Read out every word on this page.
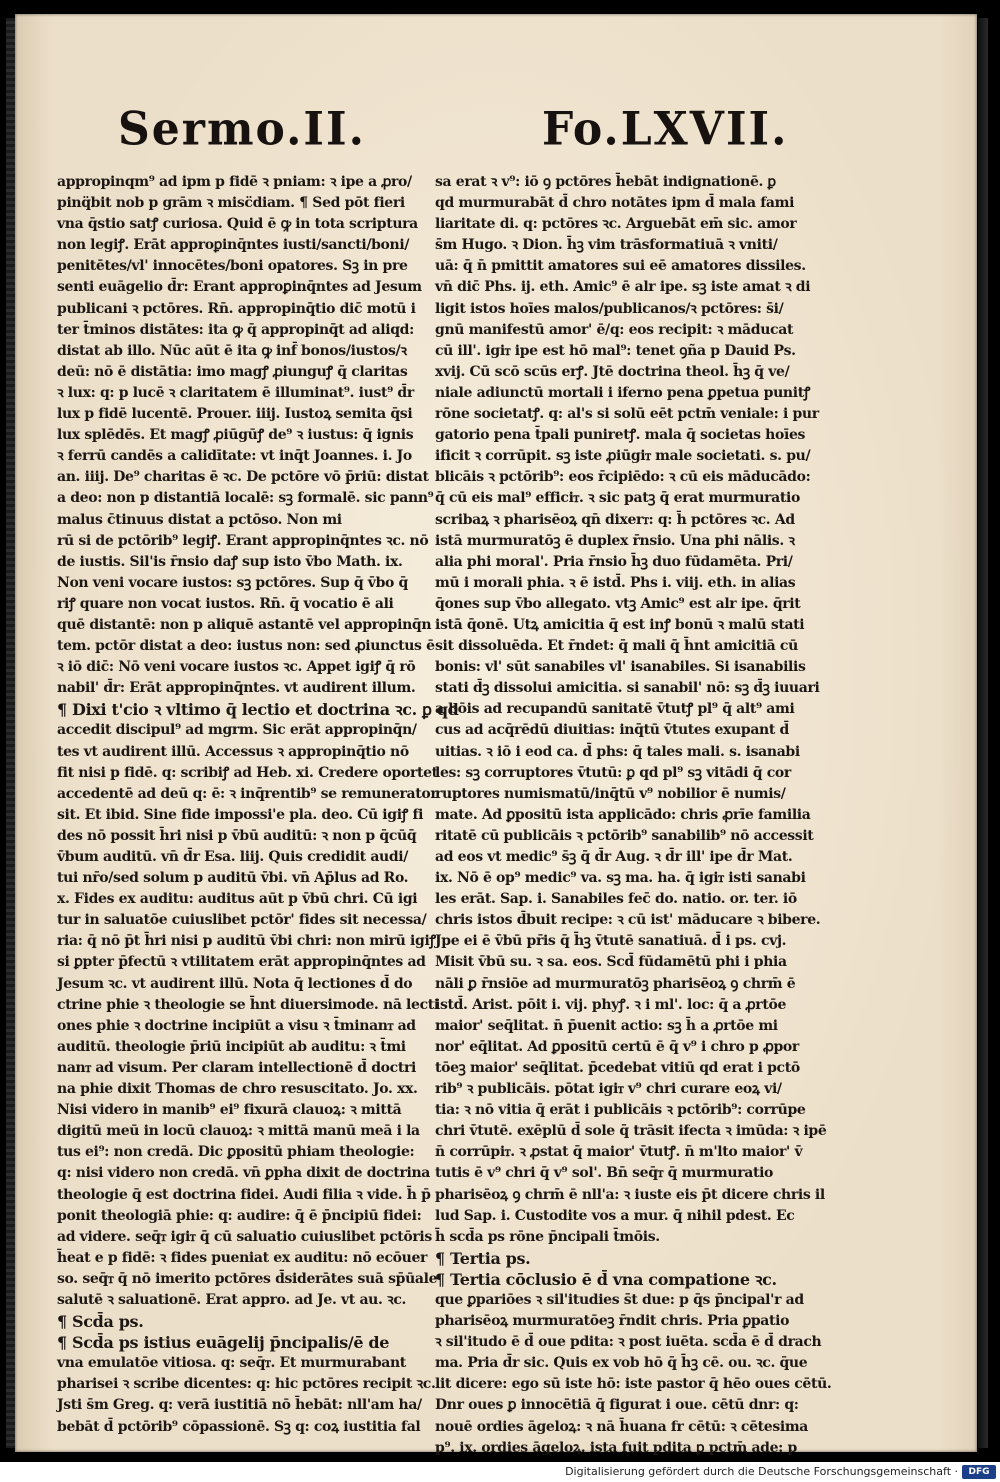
Sermo.II.	Fo.LXVII.
appropinqm⁹ ad ipm p fidē ꝛ pniam: ꝛ ipe a ꝓro/
pinq̈bit nob p grām ꝛ misc̈diam. ¶ Sed pōt fieri
vna q̄stio satꝭ curiosa. Quid ē ꝙ in tota scriptura
non legiꝭ. Erāt approꝑinq̄ntes iusti/sancti/boni/
penitētes/vl' innocētes/boni opatores. Sꝫ in pre
senti euāgelio d̄r: Erant approꝑinq̄ntes ad Jesum
publicani ꝛ pctōres. Rn̄. appropinq̄tio dic̄ motū i
ter t̄minos distātes: ita ꝙ q̄ appropinq̄t ad aliqd:
distat ab illo. Nūc aūt ē ita ꝙ inf̄ bonos/iustos/ꝛ
deū: nō ē distātia: imo magꝭ ꝓiunguꝭ q̄ claritas
ꝛ lux: q: p lucē ꝛ claritatem ē illuminat⁹. iust⁹ d̄r
lux p fidē lucentē. Prouer. iiij. Iustoꝝ semita q̄si
lux splēdēs. Et magꝭ ꝓiūgūꝭ de⁹ ꝛ iustus: q̄ ignis
ꝛ ferrū candēs a calidītate: vt inq̄t Joannes. i. Jo
an. iiij. De⁹ charitas ē ꝛc. De pctōre vō p̄riū: distat
a deo: non p distantiā localē: sꝫ formalē. sic pann⁹
malus c̄tinuus distat a pctōso. Non mi
rū si de pctōrib⁹ legiꝭ. Erant appropinq̄ntes ꝛc. nō
de iustis. Sil'is r̄nsio daꝭ sup isto v̄bo Math. ix.
Non veni vocare iustos: sꝫ pctōres. Sup q̄ v̄bo q̄
riꝭ quare non vocat iustos. Rn̄. q̄ vocatio ē ali
quē distantē: non p aliquē astantē vel appropinq̄n
tem. pctōr distat a deo: iustus non: sed ꝓiunctus ē
ꝛ iō dic̄: Nō veni vocare iustos ꝛc. Appet igiꝭ q̄ rō
nabil' d̄r: Erāt appropinq̄ntes. vt audirent illum.
¶ Dixi t'cio ꝛ vltimo q̄ lectio et doctrina ꝛc. ꝑ qd
accedit discipul⁹ ad mgrm. Sic erāt appropinq̄n/
tes vt audirent illū. Accessus ꝛ appropinq̄tio nō
fit nisi p fidē. q: scribiꝭ ad Heb. xi. Credere oportet
accedentē ad deū q: ē: ꝛ inq̄rentib⁹ se remunerator
sit. Et ibid. Sine fide impossi'e pla. deo. Cū igiꝭ fi
des nō possit h̄ri nisi p v̄bū auditū: ꝛ non p q̄cūq̄
v̄bum auditū. vn̄ d̄r Esa. liij. Quis credidit audi/
tui nr̄o/sed solum p auditū v̄bi. vn̄ Ap̄lus ad Ro.
x. Fides ex auditu: auditus aūt p v̄bū chri. Cū igi
tur in saluatōe cuiuslibet pctōr' fides sit necessa/
ria: q̄ nō p̄t h̄ri nisi p auditū v̄bi chri: non mirū igiꝭ
si ꝑpter p̄fectū ꝛ vtilitatem erāt appropinq̄ntes ad
Jesum ꝛc. vt audirent illū. Nota q̄ lectiones d̄ do
ctrine phie ꝛ theologie se h̄nt diuersimode. nā lecti
ones phie ꝛ doctrine incipiūt a visu ꝛ t̄minanꭲ ad
auditū. theologie p̄riū incipiūt ab auditu: ꝛ t̄mi
nanꭲ ad visum. Per claram intellectionē d̄ doctri
na phie dixit Thomas de chro resuscitato. Jo. xx.
Nisi videro in manib⁹ ei⁹ fixurā clauoꝝ: ꝛ mittā
digitū meū in locū clauoꝝ: ꝛ mittā manū meā i la
tus ei⁹: non credā. Dic ꝑpositū phiam theologie:
q: nisi videro non credā. vn̄ ꝑpha dixit de doctrina
theologie q̄ est doctrina fidei. Audi filia ꝛ vide. h̄ p̄
ponit theologiā phie: q: audire: q̄ ē p̄ncipiū fidei:
ad videre. seq̄ꭲ igiꭲ q̄ cū saluatio cuiuslibet pctōris
h̄eat e p fidē: ꝛ fides pueniat ex auditu: nō ecōuer
so. seq̄ꭲ q̄ nō imerito pctōres d̄siderātes suā sp̄ūale
salutē ꝛ saluationē. Erat appro. ad Je. vt au. ꝛc.
¶ Scd̄a ps.
¶ Scd̄a ps istius euāgelij p̄ncipalis/ē de
vna emulatōe vitiosa. q: seq̄ꭲ. Et murmurabant
pharisei ꝛ scribe dicentes: q: hic pctōres recipit ꝛc.
Jsti s̄m Greg. q: verā iustitiā nō h̄ebāt: nll'am ha/
bebāt d̄ pctōrib⁹ cōpassionē. Sꝫ q: coꝝ iustitia fal
sa erat ꝛ v⁹: iō ꝯ pctōres h̄ebāt indignationē. ꝑ
qd murmurabāt d̄ chro notātes ipm d̄ mala fami
liaritate di. q: pctōres ꝛc. Arguebāt em̄ sic. amor
s̄m Hugo. ꝛ Dion. h̄ꝫ vim trāsformatiuā ꝛ vniti/
uā: q̄ n̄ pmittit amatores sui eē amatores dissiles.
vn̄ dic̄ Phs. ij. eth. Amic⁹ ē alr ipe. sꝫ iste amat ꝛ di
ligit istos hoīes malos/publicanos/ꝛ pctōres: s̄i/
gnū manifestū amor' ē/q: eos recipit: ꝛ māducat
cū ill'. igiꭲ ipe est hō mal⁹: tenet ꝯña p Dauid Ps.
xvij. Cū scō scūs erꝭ. Jtē doctrina theol. h̄ꝫ q̄ ve/
niale adiunctū mortali i iferno pena ꝑpetua punitꝭ
rōne societatꝭ. q: al's si solū eēt pctm̄ veniale: i pur
gatorio pena t̄pali puniretꝭ. mala q̄ societas hoīes
ificit ꝛ corrūpit. sꝫ iste ꝓiūgiꭲ male societati. s. pu/
blicāis ꝛ pctōrib⁹: eos r̄cipiēdo: ꝛ cū eis māducādo:
q̄ cū eis mal⁹ efficiꭲ. ꝛ sic patꝫ q̄ erat murmuratio
scribaꝝ ꝛ pharisēoꝝ qn̄ dixerꭲ: q: h̄ pctōres ꝛc. Ad
istā murmuratōꝫ ē duplex r̄nsio. Una phi nālis. ꝛ
alia phi moral'. Pria r̄nsio h̄ꝫ duo fūdamēta. Pri/
mū i morali phia. ꝛ ē istd̄. Phs i. viij. eth. in alias
q̄ones sup v̄bo allegato. vtꝫ Amic⁹ est alr ipe. q̄rit
istā q̄onē. Utꝝ amicitia q̄ est inꝭ bonū ꝛ malū stati
sit dissoluēda. Et r̄ndet: q̄ mali q̄ h̄nt amicitiā cū
bonis: vl' sūt sanabiles vl' isanabiles. Si isanabilis
stati d̄ꝫ dissolui amicitia. si sanabil' nō: sꝫ d̄ꝫ iuuari
a bōis ad recupandū sanitatē v̄tutꝭ pl⁹ q̄ alt⁹ ami
cus ad acq̄rēdū diuitias: inq̄tū v̄tutes exupant d̄
uitias. ꝛ iō i eod ca. d̄ phs: q̄ tales mali. s. isanabi
les: sꝫ corruptores v̄tutū: ꝑ qd pl⁹ sꝫ vitādi q̄ cor
ruptores numismatū/inq̄tū v⁹ nobilior ē numis/
mate. Ad ꝑpositū ista applicādo: chris ꝓrīe familia
ritatē cū publicāis ꝛ pctōrib⁹ sanabilib⁹ nō accessit
ad eos vt medic⁹ s̄ꝫ q̄ d̄r Aug. ꝛ d̄r ill' ipe d̄r Mat.
ix. Nō ē op⁹ medic⁹ va. sꝫ ma. ha. q̄ igiꭲ isti sanabi
les erāt. Sap. i. Sanabiles fec̄ do. natio. or. ter. iō
chris istos d̄buit recipe: ꝛ cū ist' māducare ꝛ bibere.
Jpe ei ē v̄bū pr̄is q̄ h̄ꝫ v̄tutē sanatiuā. d̄ i ps. cvj.
Misit v̄bū su. ꝛ sa. eos. Scd̄ fūdamētū phi i phia
nāli ꝑ r̄nsiōe ad murmuratōꝫ pharisēoꝝ ꝯ chrm̄ ē
istd̄. Arist. pōit i. vij. phyꝭ. ꝛ i ml'. loc: q̄ a ꝓrtōe
maior' seq̄litat. n̄ p̄uenit actio: sꝫ h̄ a ꝓrtōe mi
nor' eq̄litat. Ad ꝑpositū certū ē q̄ v⁹ i chro p ꝓpor
tōeꝫ maior' seq̄litat. p̄cedebat vitiū qd erat i pctō
rib⁹ ꝛ publicāis. pōtat igiꭲ v⁹ chri curare eoꝝ vi/
tia: ꝛ nō vitia q̄ erāt i publicāis ꝛ pctōrib⁹: corrūpe
chri v̄tutē. exēplū d̄ sole q̄ trāsit ifecta ꝛ imūda: ꝛ ipē
n̄ corrūpiꭲ. ꝛ ꝓstat q̄ maior' v̄tutꝭ. n̄ m'lto maior' v̄
tutis ē v⁹ chri q̄ v⁹ sol'. Bn̄ seq̄ꭲ q̄ murmuratio
pharisēoꝝ ꝯ chrm̄ ē nll'a: ꝛ iuste eis p̄t dicere chris il
lud Sap. i. Custodite vos a mur. q̄ nihil pdest. Ec
h̄ scd̄a ps rōne p̄ncipali t̄mōis.
¶ Tertia ps.
¶ Tertia cōclusio ē d̄ vna compatione ꝛc.
que ꝑpariōes ꝛ sil'itudies s̄t due: p q̄s p̄ncipal'r ad
pharisēoꝝ murmuratōeꝫ r̄ndit chris. Pria ꝑpatio
ꝛ sil'itudo ē d̄ oue pdita: ꝛ post iuēta. scd̄a ē d̄ drach
ma. Pria d̄r sic. Quis ex vob hō q̄ h̄ꝫ cē. ou. ꝛc. q̄ue
lit dicere: ego sū iste hō: iste pastor q̄ hēo oues cētū.
Dnr oues ꝑ innocētiā q̄ figurat i oue. cētū dnr: q:
nouē ordies āgeloꝝ: ꝛ nā h̄uana fr cētū: ꝛ cētesima
p⁹. ix. ordies āgeloꝝ. ista fuit pdita ꝑ pctm̄ ade: p
Digitalisierung gefördert durch die Deutsche Forschungsgemeinschaft ·	DFG
